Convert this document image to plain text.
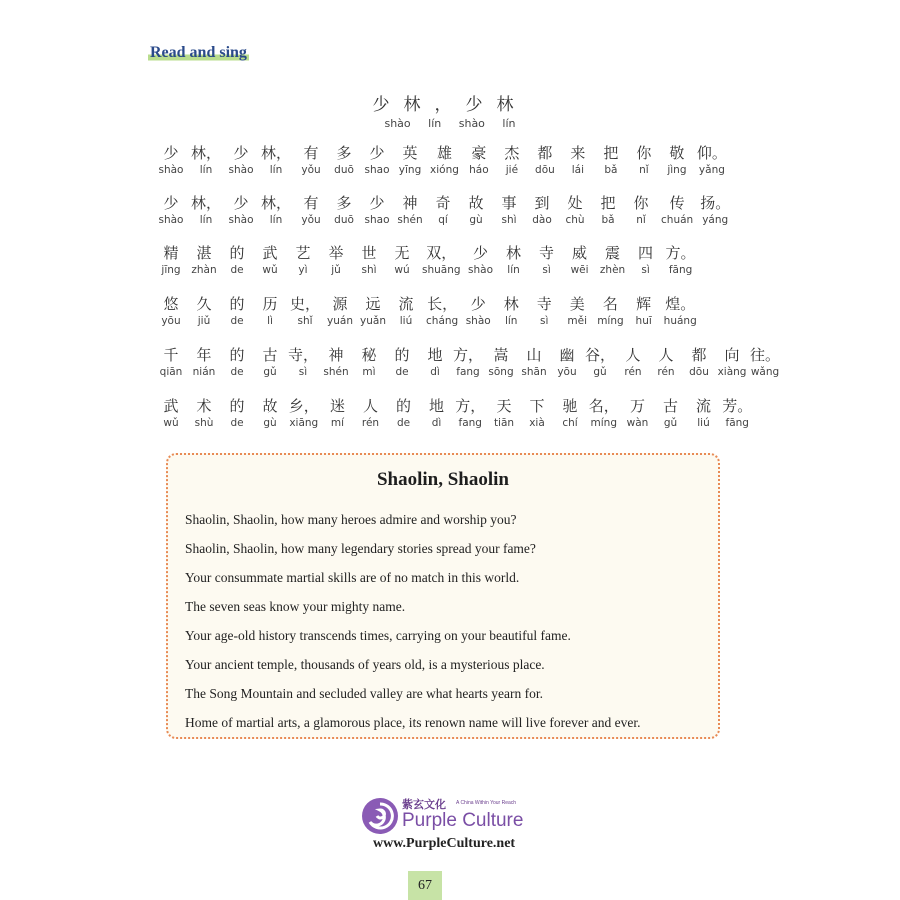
Read and sing
少林，少林
shào lín shào lín
少
shào
林，
lín
少
shào
林，
lín
有
yǒu
多
duō
少
shao
英
yīng
雄
xióng
豪
háo
杰
jié
都
dōu
来
lái
把
bǎ
你
nǐ
敬
jìng
仰。
yǎng
少
shào
林，
lín
少
shào
林，
lín
有
yǒu
多
duō
少
shao
神
shén
奇
qí
故
gù
事
shì
到
dào
处
chù
把
bǎ
你
nǐ
传
chuán
扬。
yáng
精
jīng
湛
zhàn
的
de
武
wǔ
艺
yì
举
jǔ
世
shì
无
wú
双，
shuāng
少
shào
林
lín
寺
sì
威
wēi
震
zhèn
四
sì
方。
fāng
悠
yōu
久
jiǔ
的
de
历
lì
史，
shǐ
源
yuán
远
yuǎn
流
liú
长，
cháng
少
shào
林
lín
寺
sì
美
měi
名
míng
辉
huī
煌。
huáng
千
qiān
年
nián
的
de
古
gǔ
寺，
sì
神
shén
秘
mì
的
de
地
dì
方，
fang
嵩
sōng
山
shān
幽
yōu
谷，
gǔ
人
rén
人
rén
都
dōu
向
xiàng
往。
wǎng
武
wǔ
术
shù
的
de
故
gù
乡，
xiāng
迷
mí
人
rén
的
de
地
dì
方，
fang
天
tiān
下
xià
驰
chí
名，
míng
万
wàn
古
gǔ
流
liú
芳。
fāng
Shaolin, Shaolin
Shaolin, Shaolin, how many heroes admire and worship you?
Shaolin, Shaolin, how many legendary stories spread your fame?
Your consummate martial skills are of no match in this world.
The seven seas know your mighty name.
Your age-old history transcends times, carrying on your beautiful fame.
Your ancient temple, thousands of years old, is a mysterious place.
The Song Mountain and secluded valley are what hearts yearn for.
Home of martial arts, a glamorous place, its renown name will live forever and ever.
紫玄文化 A China Within Your Reach
Purple Culture
www.PurpleCulture.net
67
